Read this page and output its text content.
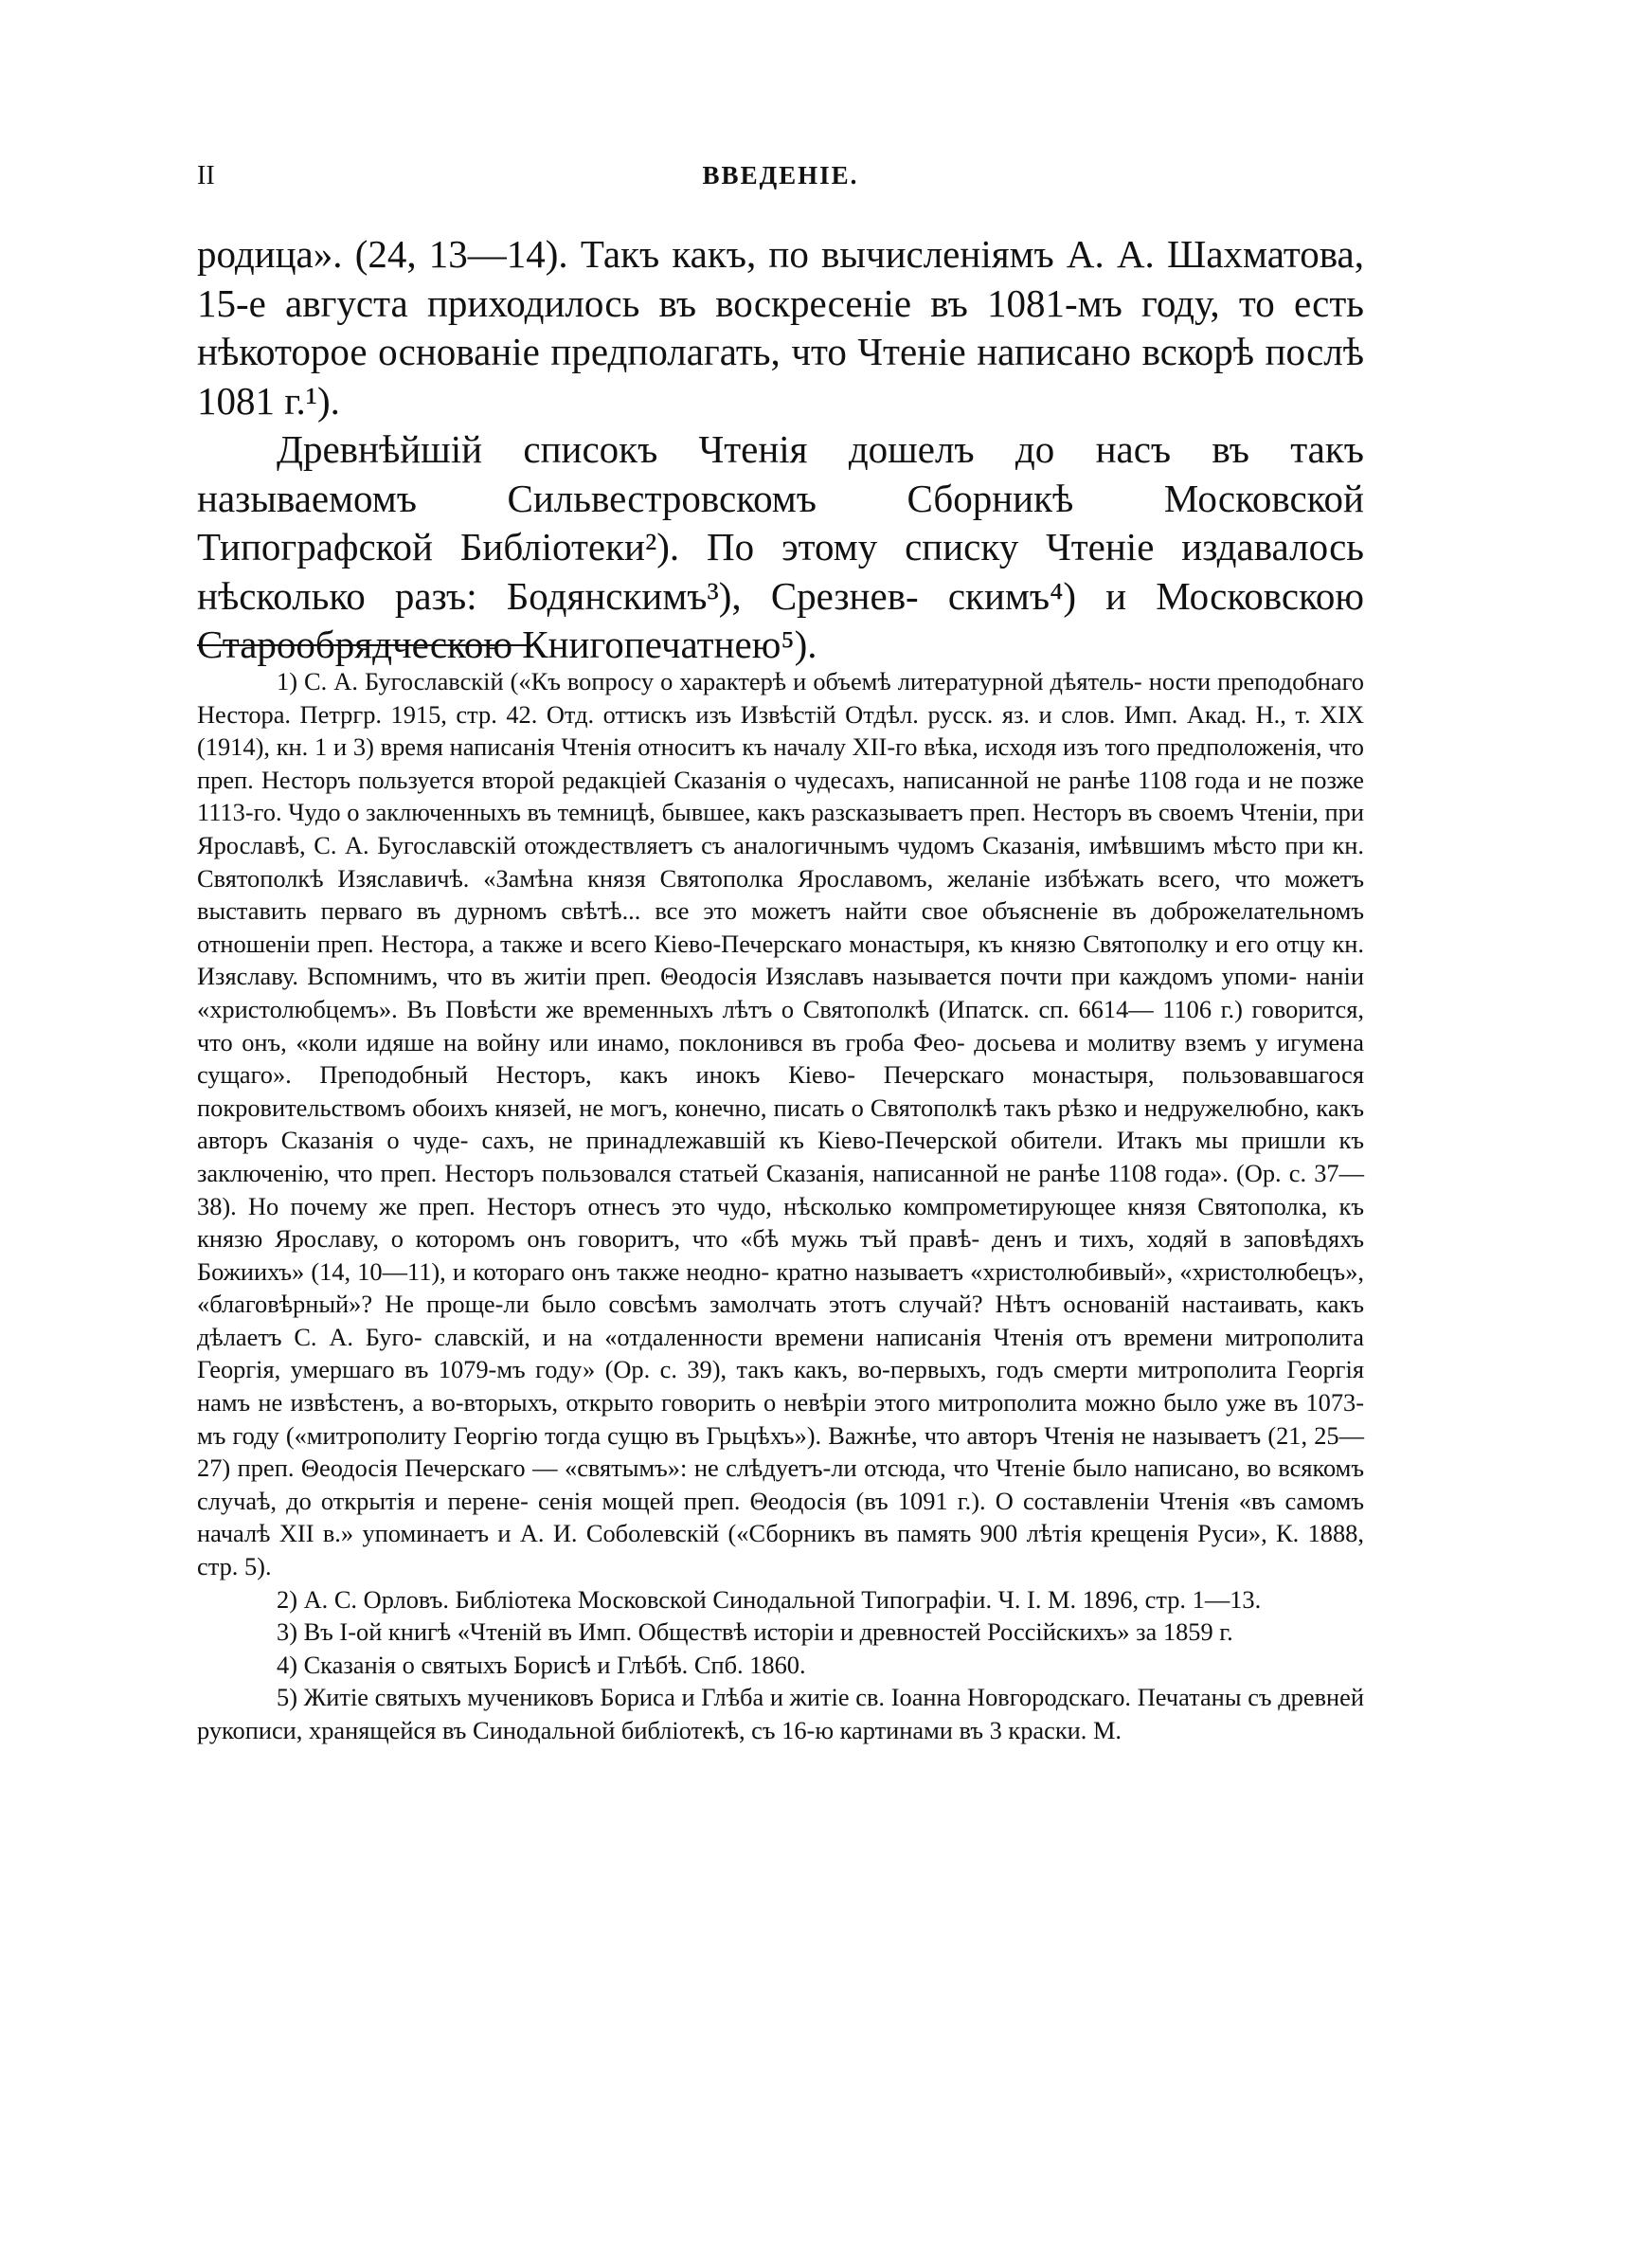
II	ВВЕДЕНІЕ.

родица». (24, 13—14). Такъ какъ, по вычисленіямъ А. А. Шахматова, 15-е августа приходилось въ воскресеніе въ 1081-мъ году, то есть нѣкоторое основаніе предполагать, что Чтеніе написано вскорѣ послѣ 1081 г.¹).

Древнѣйшій списокъ Чтенія дошелъ до насъ въ такъ называемомъ Сильвестровскомъ Сборникѣ Московской Типографской Библіотеки²). По этому списку Чтеніе издавалось нѣсколько разъ: Бодянскимъ³), Срезнев- скимъ⁴) и Московскою Старообрядческою Книгопечатнею⁵).

1) С. А. Бугославскій («Къ вопросу о характерѣ и объемѣ литературной дѣятель- ности преподобнаго Нестора. Петргр. 1915, стр. 42. Отд. оттискъ изъ Извѣстій Отдѣл. русск. яз. и слов. Имп. Акад. Н., т. XIX (1914), кн. 1 и 3) время написанія Чтенія относитъ къ началу XII-го вѣка, исходя изъ того предположенія, что преп. Несторъ пользуется второй редакціей Сказанія о чудесахъ, написанной не ранѣе 1108 года и не позже 1113-го. Чудо о заключенныхъ въ темницѣ, бывшее, какъ разсказываетъ преп. Несторъ въ своемъ Чтеніи, при Ярославѣ, С. А. Бугославскій отождествляетъ съ аналогичнымъ чудомъ Сказанія, имѣвшимъ мѣсто при кн. Святополкѣ Изяславичѣ. «Замѣна князя Святополка Ярославомъ, желаніе избѣжать всего, что можетъ выставить перваго въ дурномъ свѣтѣ... все это можетъ найти свое объясненіе въ доброжелательномъ отношеніи преп. Нестора, а также и всего Кіево-Печерскаго монастыря, къ князю Святополку и его отцу кн. Изяславу. Вспомнимъ, что въ житіи преп. Θеодосія Изяславъ называется почти при каждомъ упоми- наніи «христолюбцемъ». Въ Повѣсти же временныхъ лѣтъ о Святополкѣ (Ипатск. сп. 6614— 1106 г.) говорится, что онъ, «коли идяше на войну или инамо, поклонився въ гроба Фео- досьева и молитву вземъ у игумена сущаго». Преподобный Несторъ, какъ инокъ Кіево- Печерскаго монастыря, пользовавшагося покровительствомъ обоихъ князей, не могъ, конечно, писать о Святополкѣ такъ рѣзко и недружелюбно, какъ авторъ Сказанія о чуде- сахъ, не принадлежавшій къ Кіево-Печерской обители. Итакъ мы пришли къ заключенію, что преп. Несторъ пользовался статьей Сказанія, написанной не ранѣе 1108 года». (Ор. с. 37—38). Но почему же преп. Несторъ отнесъ это чудо, нѣсколько компрометирующее князя Святополка, къ князю Ярославу, о которомъ онъ говоритъ, что «бѣ мужь тъй правѣ- денъ и тихъ, ходяй в заповѣдяхъ Божиихъ» (14, 10—11), и котораго онъ также неодно- кратно называетъ «христолюбивый», «христолюбецъ», «благовѣрный»? Не проще-ли было совсѣмъ замолчать этотъ случай? Нѣтъ основаній настаивать, какъ дѣлаетъ С. А. Буго- славскій, и на «отдаленности времени написанія Чтенія отъ времени митрополита Георгія, умершаго въ 1079-мъ году» (Ор. с. 39), такъ какъ, во-первыхъ, годъ смерти митрополита Георгія намъ не извѣстенъ, а во-вторыхъ, открыто говорить о невѣріи этого митрополита можно было уже въ 1073-мъ году («митрополиту Георгію тогда сущю въ Грьцѣхъ»). Важнѣе, что авторъ Чтенія не называетъ (21, 25—27) преп. Θеодосія Печерскаго — «святымъ»: не слѣдуетъ-ли отсюда, что Чтеніе было написано, во всякомъ случаѣ, до открытія и перене- сенія мощей преп. Θеодосія (въ 1091 г.). О составленіи Чтенія «въ самомъ началѣ XII в.» упоминаетъ и А. И. Соболевскій («Сборникъ въ память 900 лѣтія крещенія Руси», К. 1888, стр. 5).

2) А. С. Орловъ. Библіотека Московской Синодальной Типографіи. Ч. I. М. 1896, стр. 1—13.

3) Въ I-ой книгѣ «Чтеній въ Имп. Обществѣ исторіи и древностей Россійскихъ» за 1859 г.

4) Сказанія о святыхъ Борисѣ и Глѣбѣ. Спб. 1860.

5) Житіе святыхъ мучениковъ Бориса и Глѣба и житіе св. Іоанна Новгородскаго. Печатаны съ древней рукописи, хранящейся въ Синодальной библіотекѣ, съ 16-ю картинами въ 3 краски. М.
